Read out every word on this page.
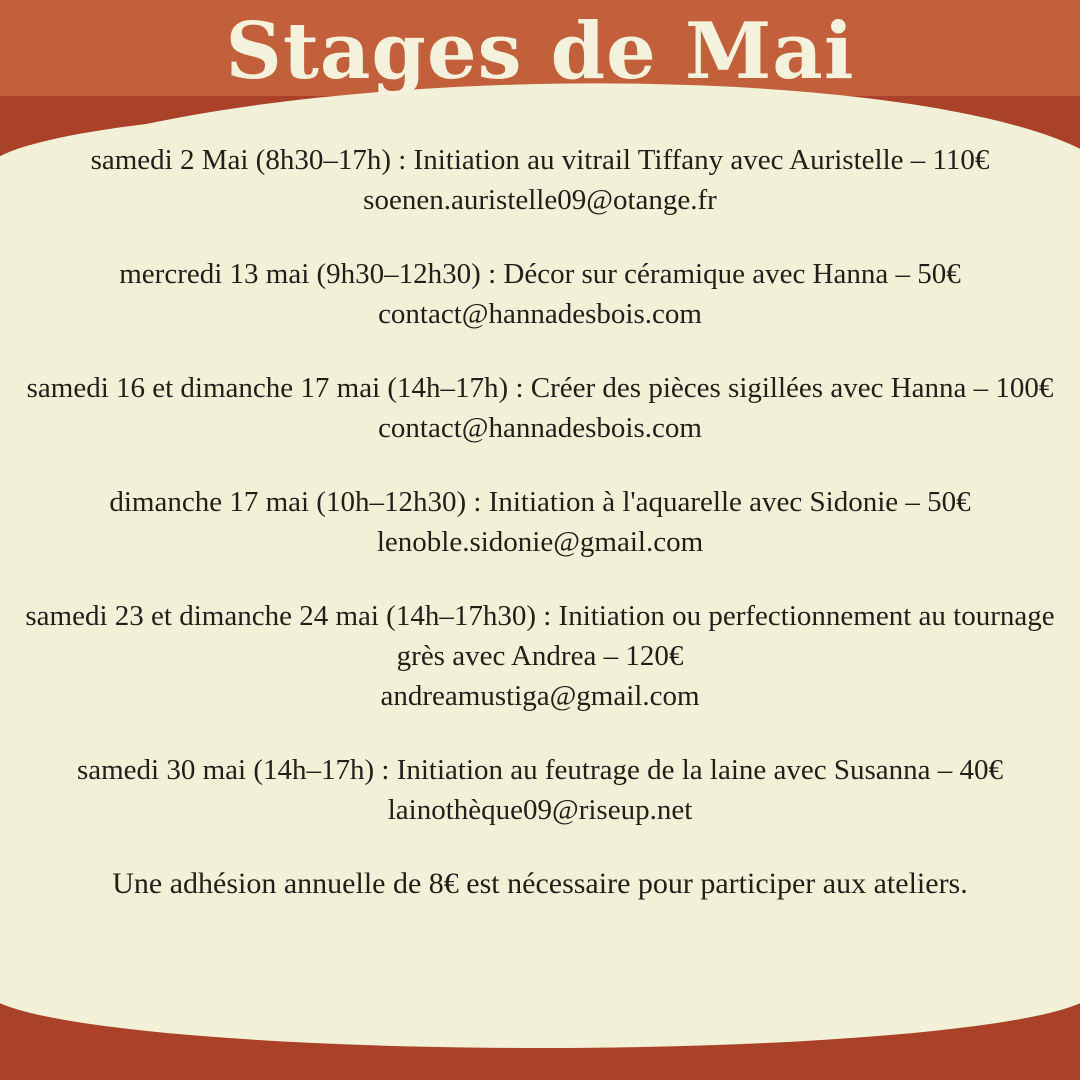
Stages de Mai
samedi 2 Mai (8h30–17h) : Initiation au vitrail Tiffany avec Auristelle – 110€
soenen.auristelle09@otange.fr
mercredi 13 mai (9h30–12h30) : Décor sur céramique avec Hanna – 50€
contact@hannadesbois.com
samedi 16 et dimanche 17 mai (14h–17h) : Créer des pièces sigillées avec Hanna – 100€
contact@hannadesbois.com
dimanche 17 mai (10h–12h30) : Initiation à l'aquarelle avec Sidonie – 50€
lenoble.sidonie@gmail.com
samedi 23 et dimanche 24 mai (14h–17h30) : Initiation ou perfectionnement au tournage grès avec Andrea – 120€
andreamustiga@gmail.com
samedi 30 mai (14h–17h) : Initiation au feutrage de la laine avec Susanna – 40€
lainothèque09@riseup.net
Une adhésion annuelle de 8€ est nécessaire pour participer aux ateliers.
